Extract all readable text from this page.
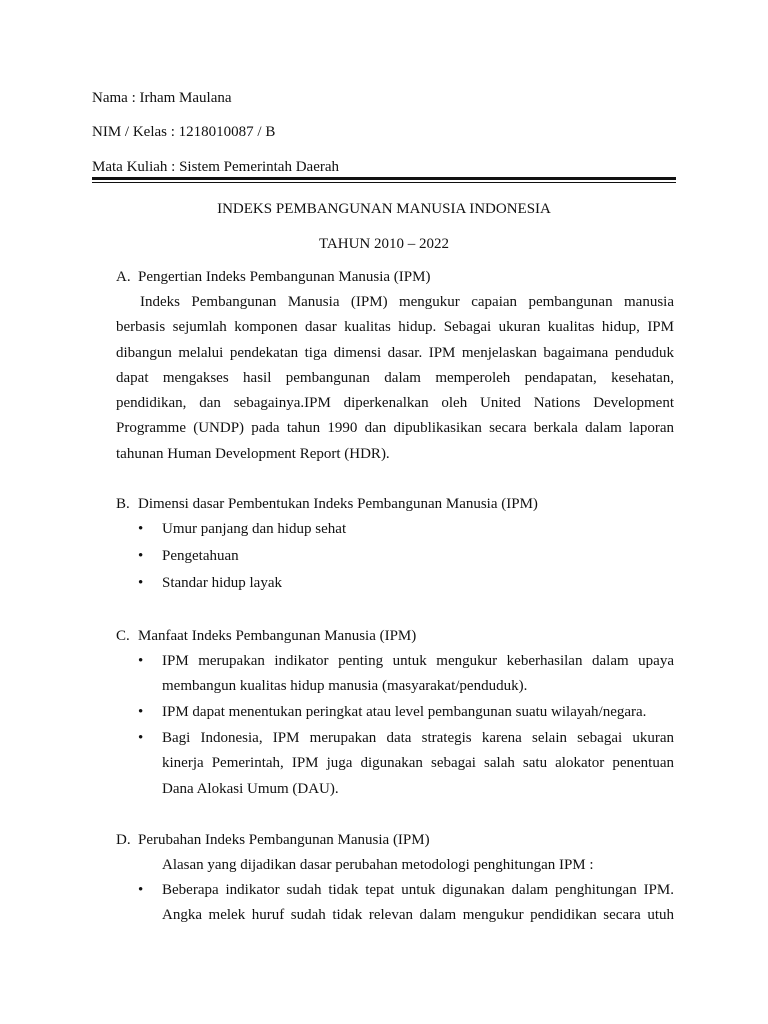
Nama : Irham Maulana
NIM / Kelas : 1218010087 / B
Mata Kuliah : Sistem Pemerintah Daerah
INDEKS PEMBANGUNAN MANUSIA INDONESIA
TAHUN 2010 – 2022
A. Pengertian Indeks Pembangunan Manusia (IPM)
Indeks Pembangunan Manusia (IPM) mengukur capaian pembangunan manusia
berbasis sejumlah komponen dasar kualitas hidup. Sebagai ukuran kualitas hidup, IPM
dibangun melalui pendekatan tiga dimensi dasar. IPM menjelaskan bagaimana penduduk
dapat mengakses hasil pembangunan dalam memperoleh pendapatan, kesehatan,
pendidikan, dan sebagainya.IPM diperkenalkan oleh United Nations Development
Programme (UNDP) pada tahun 1990 dan dipublikasikan secara berkala dalam laporan
tahunan Human Development Report (HDR).
B. Dimensi dasar Pembentukan Indeks Pembangunan Manusia (IPM)
•	Umur panjang dan hidup sehat
•	Pengetahuan
•	Standar hidup layak
C. Manfaat Indeks Pembangunan Manusia (IPM)
•	IPM merupakan indikator penting untuk mengukur keberhasilan dalam upaya
membangun kualitas hidup manusia (masyarakat/penduduk).
•	IPM dapat menentukan peringkat atau level pembangunan suatu wilayah/negara.
•	Bagi Indonesia, IPM merupakan data strategis karena selain sebagai ukuran
kinerja Pemerintah, IPM juga digunakan sebagai salah satu alokator penentuan
Dana Alokasi Umum (DAU).
D. Perubahan Indeks Pembangunan Manusia (IPM)
Alasan yang dijadikan dasar perubahan metodologi penghitungan IPM :
•	Beberapa indikator sudah tidak tepat untuk digunakan dalam penghitungan IPM.
Angka melek huruf sudah tidak relevan dalam mengukur pendidikan secara utuh
